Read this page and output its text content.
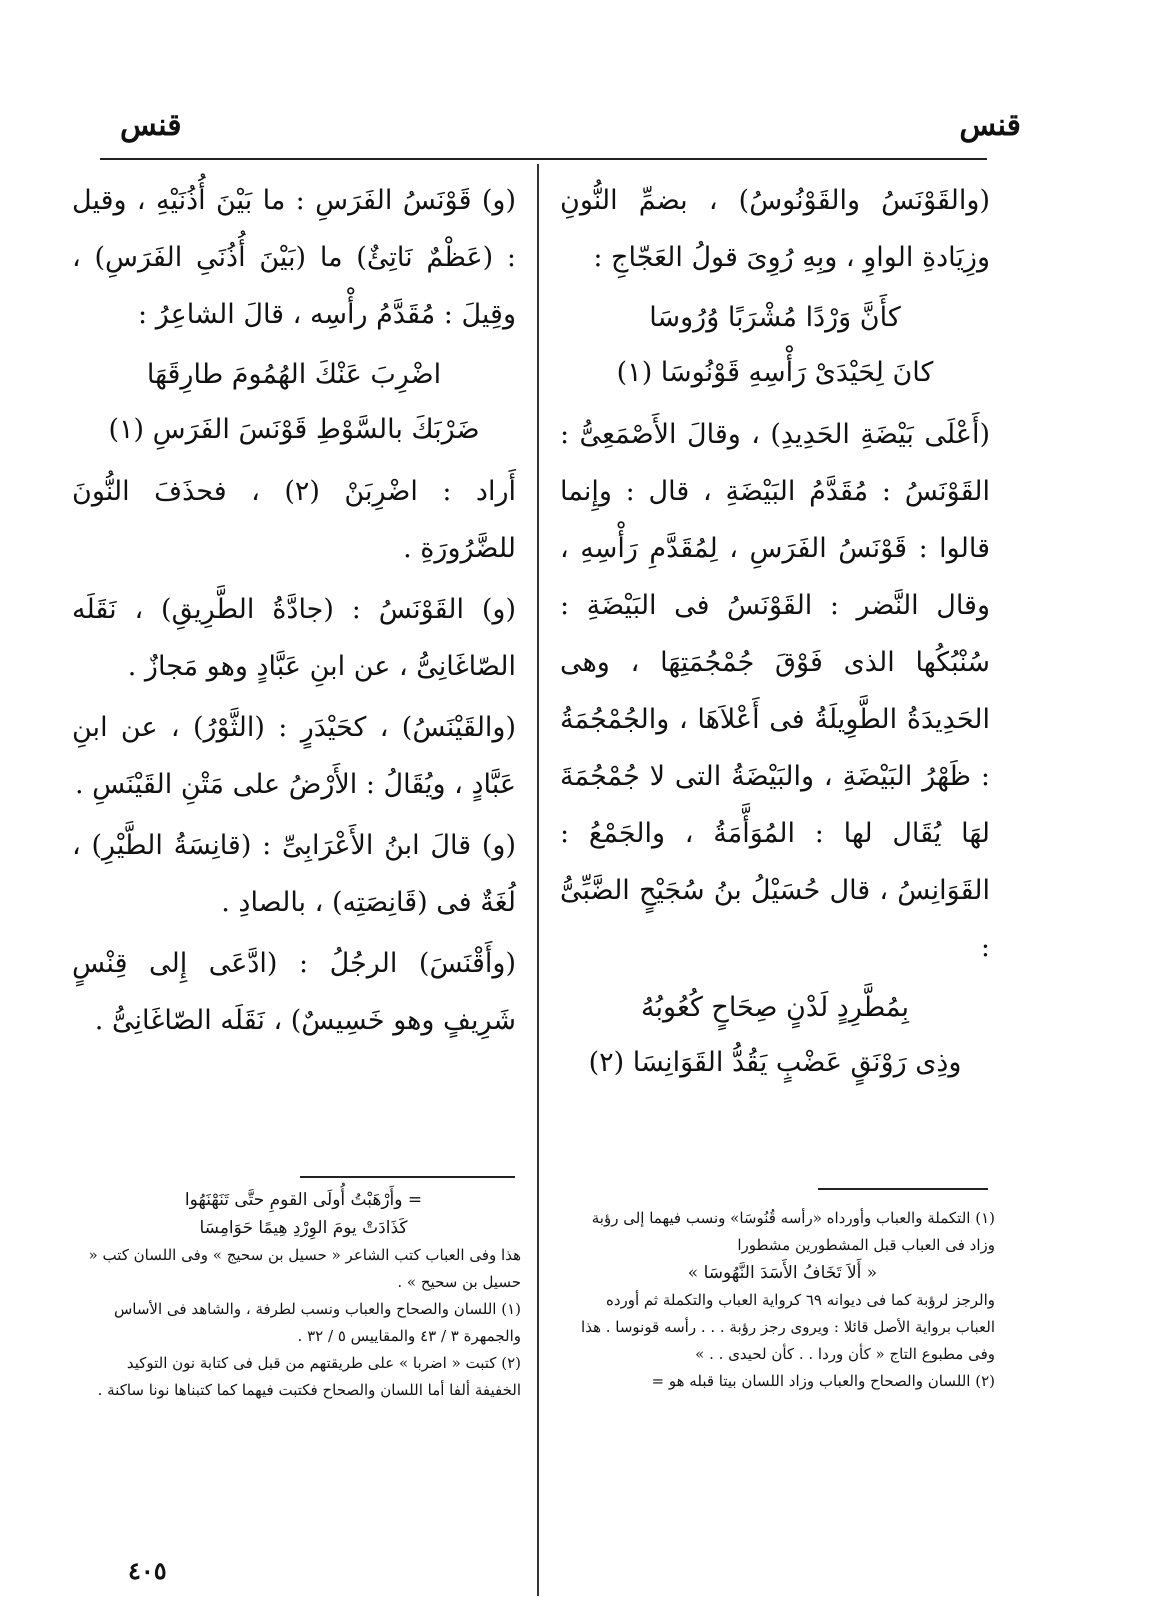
قنس
قنس

(والقَوْنَسُ والقَوْنُوسُ) ، بضمِّ النُّونِ وزِيَادةِ الواوِ ، وبِهِ رُوِىَ قولُ العَجّاجِ :

كأَنَّ وَرْدًا مُشْرَبًا وُرُوسَا
كانَ لِحَيْدَىْ رَأْسِهِ قَوْنُوسَا (١)

(أَعْلَى بَيْضَةِ الحَدِيدِ) ، وقالَ الأَصْمَعِىُّ : القَوْنَسُ : مُقَدَّمُ البَيْضَةِ ، قال : وإِنما قالوا : قَوْنَسُ الفَرَسِ ، لِمُقَدَّمِ رَأْسِهِ ، وقال النَّضر : القَوْنَسُ فى البَيْضَةِ : سُنْبُكُها الذى فَوْقَ جُمْجُمَتِهَا ، وهى الحَدِيدَةُ الطَّوِيلَةُ فى أَعْلاَهَا ، والجُمْجُمَةُ : ظَهْرُ البَيْضَةِ ، والبَيْضَةُ التى لا جُمْجُمَةَ لهَا يُقَال لها : المُوَأَّمَةُ ، والجَمْعُ : القَوَانِسُ ، قال حُسَيْلُ بنُ سُجَيْحٍ الضَّبِّىُّ :

بِمُطَّرِدٍ لَدْنٍ صِحَاحٍ كُعُوبُهُ
وذِى رَوْنَقٍ عَضْبٍ يَقُدُّ القَوَانِسَا (٢)

(و) قَوْنَسُ الفَرَسِ : ما بَيْنَ أُذُنَيْهِ ، وقيل : (عَظْمٌ نَاتِئٌ) ما (بَيْنَ أُذُنَىِ الفَرَسِ) ، وقِيلَ : مُقَدَّمُ رأْسِه ، قالَ الشاعِرُ :

اضْرِبَ عَنْكَ الهُمُومَ طارِقَهَا
ضَرْبَكَ بالسَّوْطِ قَوْنَسَ الفَرَسِ (١)

أَراد : اضْرِبَنْ (٢) ، فحذَفَ النُّونَ للضَّرُورَةِ .

(و) القَوْنَسُ : (جادَّةُ الطَّرِيقِ) ، نَقَلَه الصّاغَانِىُّ ، عن ابنِ عَبَّادٍ وهو مَجازٌ .

(والقَيْنَسُ) ، كحَيْدَرٍ : (الثَّوْرُ) ، عن ابنِ عَبَّادٍ ، ويُقَالُ : الأَرْضُ على مَتْنِ القَيْنَسِ .

(و) قالَ ابنُ الأَعْرَابِىِّ : (قانِسَةُ الطَّيْرِ) ، لُغَةٌ فى (قَانِصَتِه) ، بالصادِ .

(وأَقْنَسَ) الرجُلُ : (ادَّعَى إِلى قِنْسٍ شَرِيفٍ وهو خَسِيسٌ) ، نَقَلَه الصّاغَانِىُّ .

(١) التكملة والعباب وأورداه «رأسه قُنُوسَا» ونسب فيهما إلى رؤبة وزاد فى العباب قبل المشطورين مشطورا

« أَلاَ تَخَافُ الأَسَدَ النَّهُوسَا »

والرجز لرؤبة كما فى ديوانه ٦٩ كرواية العباب والتكملة ثم أورده العباب برواية الأصل قائلا : ويروى رجز رؤبة . . . رأسه قونوسا . هذا وفى مطبوع التاج « كأن وردا . . كأن لحيدى . . »

(٢) اللسان والصحاح والعباب وزاد اللسان بيتا قبله هو =

= وأَرْهَبْتُ أُولَى القومِ حتَّى تَنَهْنَهُوا

كَذَادَتْ يومَ الوِرْدِ هِيمًا حَوَامِسَا

هذا وفى العباب كتب الشاعر « حسيل بن سحيج » وفى اللسان كتب « حسيل بن سحيح » .

(١) اللسان والصحاح والعباب ونسب لطرفة ، والشاهد فى الأساس والجمهرة ٣ / ٤٣ والمقاييس ٥ / ٣٢ .

(٢) كتبت « اضربا » على طريقتهم من قبل فى كتابة نون التوكيد الخفيفة ألفا أما اللسان والصحاح فكتبت فيهما كما كتبناها نونا ساكنة .

٤٠٥
